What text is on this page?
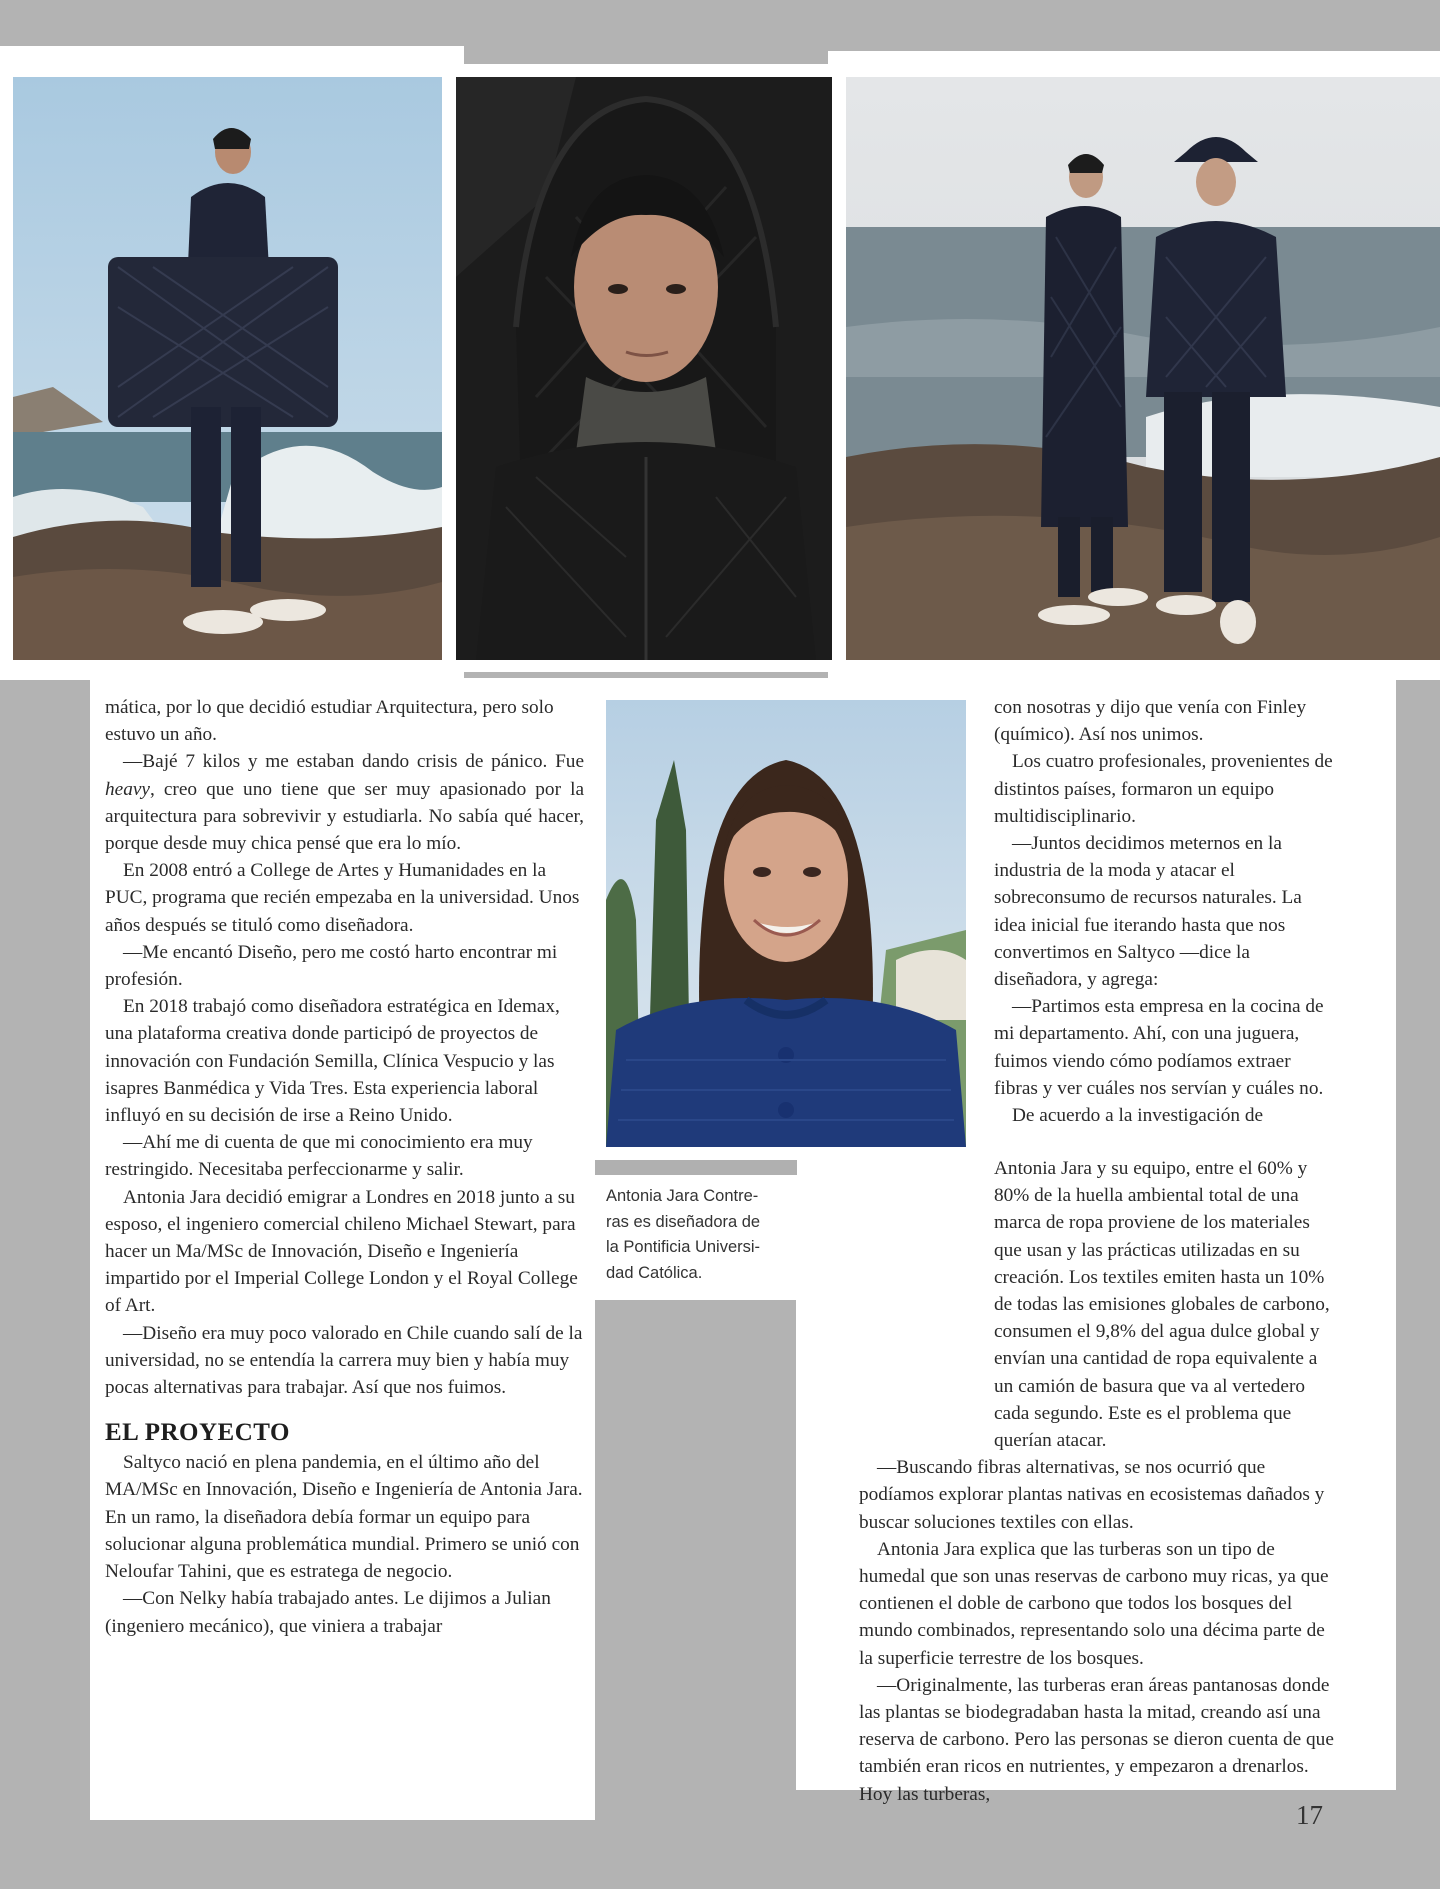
Antonia Jara Contre-
ras es diseñadora de
la Pontificia Universi-
dad Católica.

mática, por lo que decidió estudiar Arquitectura, pero solo estuvo un año.

—Bajé 7 kilos y me estaban dando crisis de pánico. Fue heavy, creo que uno tiene que ser muy apasionado por la arquitectura para sobrevivir y estudiarla. No sabía qué hacer, porque desde muy chica pensé que era lo mío.

En 2008 entró a College de Artes y Humanidades en la PUC, programa que recién empezaba en la universidad. Unos años después se tituló como diseñadora.

—Me encantó Diseño, pero me costó harto encontrar mi profesión.

En 2018 trabajó como diseñadora estratégica en Idemax, una plataforma creativa donde participó de proyectos de innovación con Fundación Semilla, Clínica Vespucio y las isapres Banmédica y Vida Tres. Esta experiencia laboral influyó en su decisión de irse a Reino Unido.

—Ahí me di cuenta de que mi conocimiento era muy restringido. Necesitaba perfeccionarme y salir.

Antonia Jara decidió emigrar a Londres en 2018 junto a su esposo, el ingeniero comercial chileno Michael Stewart, para hacer un Ma/MSc de Innovación, Diseño e Ingeniería impartido por el Imperial College London y el Royal College of Art.

—Diseño era muy poco valorado en Chile cuando salí de la universidad, no se entendía la carrera muy bien y había muy pocas alternativas para trabajar. Así que nos fuimos.

EL PROYECTO

Saltyco nació en plena pandemia, en el último año del MA/MSc en Innovación, Diseño e Ingeniería de Antonia Jara. En un ramo, la diseñadora debía formar un equipo para solucionar alguna problemática mundial. Primero se unió con Neloufar Tahini, que es estratega de negocio.

—Con Nelky había trabajado antes. Le dijimos a Julian (ingeniero mecánico), que viniera a trabajar

con nosotras y dijo que venía con Finley (químico). Así nos unimos.

Los cuatro profesionales, provenientes de distintos países, formaron un equipo multidisciplinario.

—Juntos decidimos meternos en la industria de la moda y atacar el sobreconsumo de recursos naturales. La idea inicial fue iterando hasta que nos convertimos en Saltyco —dice la diseñadora, y agrega:

—Partimos esta empresa en la cocina de mi departamento. Ahí, con una juguera, fuimos viendo cómo podíamos extraer fibras y ver cuáles nos servían y cuáles no.

De acuerdo a la investigación de

Antonia Jara y su equipo, entre el 60% y 80% de la huella ambiental total de una marca de ropa proviene de los materiales que usan y las prácticas utilizadas en su creación. Los textiles emiten hasta un 10% de todas las emisiones globales de carbono, consumen el 9,8% del agua dulce global y envían una cantidad de ropa equivalente a un camión de basura que va al vertedero cada segundo. Este es el problema que querían atacar.

—Buscando fibras alternativas, se nos ocurrió que podíamos explorar plantas nativas en ecosistemas dañados y buscar soluciones textiles con ellas.

Antonia Jara explica que las turberas son un tipo de humedal que son unas reservas de carbono muy ricas, ya que contienen el doble de carbono que todos los bosques del mundo combinados, representando solo una décima parte de la superficie terrestre de los bosques.

—Originalmente, las turberas eran áreas pantanosas donde las plantas se biodegradaban hasta la mitad, creando así una reserva de carbono. Pero las personas se dieron cuenta de que también eran ricos en nutrientes, y empezaron a drenarlos. Hoy las turberas,

17
